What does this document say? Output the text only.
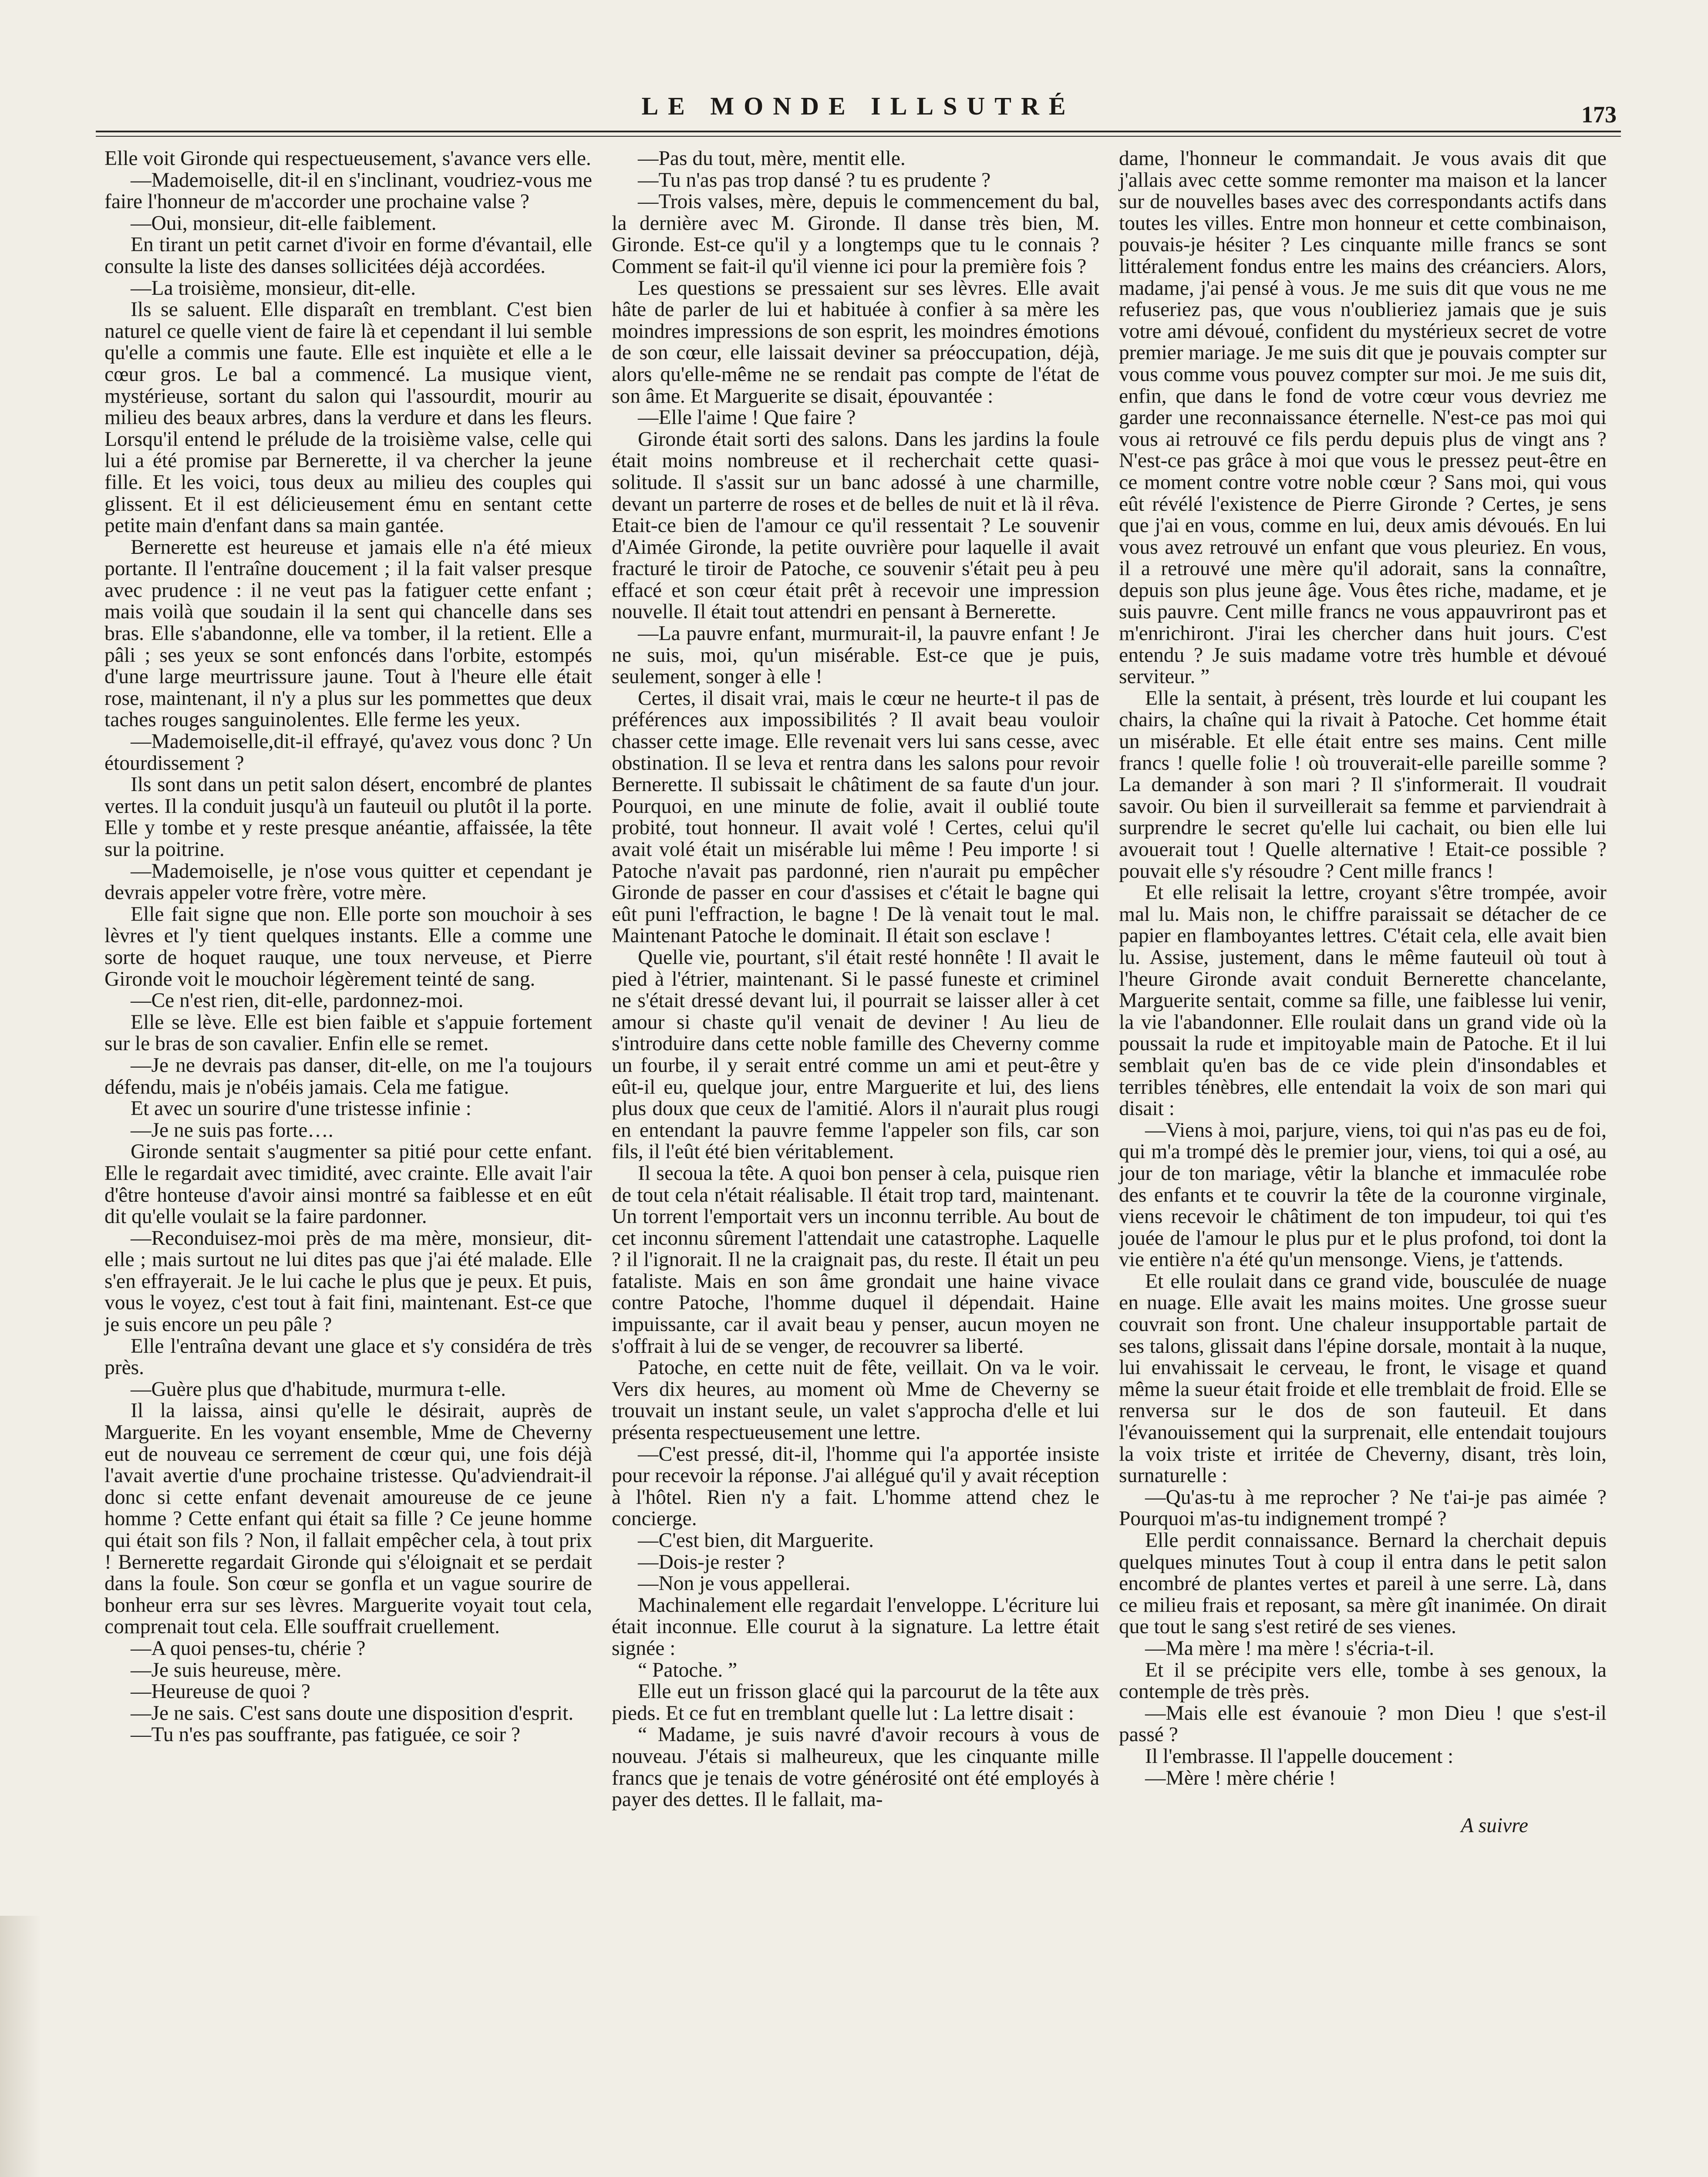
LE MONDE ILLSUTRÉ	173

Elle voit Gironde qui respectueusement, s'avance vers elle.

—Mademoiselle, dit-il en s'inclinant, voudriez-vous me faire l'honneur de m'accorder une prochaine valse ?

—Oui, monsieur, dit-elle faiblement.

En tirant un petit carnet d'ivoir en forme d'évantail, elle consulte la liste des danses sollicitées déjà accordées.

—La troisième, monsieur, dit-elle.

Ils se saluent. Elle disparaît en tremblant. C'est bien naturel ce quelle vient de faire là et cependant il lui semble qu'elle a commis une faute. Elle est inquiète et elle a le cœur gros. Le bal a commencé. La musique vient, mystérieuse, sortant du salon qui l'assourdit, mourir au milieu des beaux arbres, dans la verdure et dans les fleurs. Lorsqu'il entend le prélude de la troisième valse, celle qui lui a été promise par Bernerette, il va chercher la jeune fille. Et les voici, tous deux au milieu des couples qui glissent. Et il est délicieusement ému en sentant cette petite main d'enfant dans sa main gantée.

Bernerette est heureuse et jamais elle n'a été mieux portante. Il l'entraîne doucement ; il la fait valser presque avec prudence : il ne veut pas la fatiguer cette enfant ; mais voilà que soudain il la sent qui chancelle dans ses bras. Elle s'abandonne, elle va tomber, il la retient. Elle a pâli ; ses yeux se sont enfoncés dans l'orbite, estompés d'une large meurtrissure jaune. Tout à l'heure elle était rose, maintenant, il n'y a plus sur les pommettes que deux taches rouges sanguinolentes. Elle ferme les yeux.

—Mademoiselle,dit-il effrayé, qu'avez vous donc ? Un étourdissement ?

Ils sont dans un petit salon désert, encombré de plantes vertes. Il la conduit jusqu'à un fauteuil ou plutôt il la porte. Elle y tombe et y reste presque anéantie, affaissée, la tête sur la poitrine.

—Mademoiselle, je n'ose vous quitter et cependant je devrais appeler votre frère, votre mère.

Elle fait signe que non. Elle porte son mouchoir à ses lèvres et l'y tient quelques instants. Elle a comme une sorte de hoquet rauque, une toux nerveuse, et Pierre Gironde voit le mouchoir légèrement teinté de sang.

—Ce n'est rien, dit-elle, pardonnez-moi.

Elle se lève. Elle est bien faible et s'appuie fortement sur le bras de son cavalier. Enfin elle se remet.

—Je ne devrais pas danser, dit-elle, on me l'a toujours défendu, mais je n'obéis jamais. Cela me fatigue.

Et avec un sourire d'une tristesse infinie :

—Je ne suis pas forte….

Gironde sentait s'augmenter sa pitié pour cette enfant. Elle le regardait avec timidité, avec crainte. Elle avait l'air d'être honteuse d'avoir ainsi montré sa faiblesse et en eût dit qu'elle voulait se la faire pardonner.

—Reconduisez-moi près de ma mère, monsieur, dit-elle ; mais surtout ne lui dites pas que j'ai été malade. Elle s'en effrayerait. Je le lui cache le plus que je peux. Et puis, vous le voyez, c'est tout à fait fini, maintenant. Est-ce que je suis encore un peu pâle ?

Elle l'entraîna devant une glace et s'y considéra de très près.

—Guère plus que d'habitude, murmura t-elle.

Il la laissa, ainsi qu'elle le désirait, auprès de Marguerite. En les voyant ensemble, Mme de Cheverny eut de nouveau ce serrement de cœur qui, une fois déjà l'avait avertie d'une prochaine tristesse. Qu'adviendrait-il donc si cette enfant devenait amoureuse de ce jeune homme ? Cette enfant qui était sa fille ? Ce jeune homme qui était son fils ? Non, il fallait empêcher cela, à tout prix ! Bernerette regardait Gironde qui s'éloignait et se perdait dans la foule. Son cœur se gonfla et un vague sourire de bonheur erra sur ses lèvres. Marguerite voyait tout cela, comprenait tout cela. Elle souffrait cruellement.

—A quoi penses-tu, chérie ?

—Je suis heureuse, mère.

—Heureuse de quoi ?

—Je ne sais. C'est sans doute une disposition d'esprit.

—Tu n'es pas souffrante, pas fatiguée, ce soir ?

—Pas du tout, mère, mentit elle.

—Tu n'as pas trop dansé ? tu es prudente ?

—Trois valses, mère, depuis le commencement du bal, la dernière avec M. Gironde. Il danse très bien, M. Gironde. Est-ce qu'il y a longtemps que tu le connais ? Comment se fait-il qu'il vienne ici pour la première fois ?

Les questions se pressaient sur ses lèvres. Elle avait hâte de parler de lui et habituée à confier à sa mère les moindres impressions de son esprit, les moindres émotions de son cœur, elle laissait deviner sa préoccupation, déjà, alors qu'elle-même ne se rendait pas compte de l'état de son âme. Et Marguerite se disait, épouvantée :

—Elle l'aime ! Que faire ?

Gironde était sorti des salons. Dans les jardins la foule était moins nombreuse et il recherchait cette quasi-solitude. Il s'assit sur un banc adossé à une charmille, devant un parterre de roses et de belles de nuit et là il rêva. Etait-ce bien de l'amour ce qu'il ressentait ? Le souvenir d'Aimée Gironde, la petite ouvrière pour laquelle il avait fracturé le tiroir de Patoche, ce souvenir s'était peu à peu effacé et son cœur était prêt à recevoir une impression nouvelle. Il était tout attendri en pensant à Bernerette.

—La pauvre enfant, murmurait-il, la pauvre enfant ! Je ne suis, moi, qu'un misérable. Est-ce que je puis, seulement, songer à elle !

Certes, il disait vrai, mais le cœur ne heurte-t il pas de préférences aux impossibilités ? Il avait beau vouloir chasser cette image. Elle revenait vers lui sans cesse, avec obstination. Il se leva et rentra dans les salons pour revoir Bernerette. Il subissait le châtiment de sa faute d'un jour. Pourquoi, en une minute de folie, avait il oublié toute probité, tout honneur. Il avait volé ! Certes, celui qu'il avait volé était un misérable lui même ! Peu importe ! si Patoche n'avait pas pardonné, rien n'aurait pu empêcher Gironde de passer en cour d'assises et c'était le bagne qui eût puni l'effraction, le bagne ! De là venait tout le mal. Maintenant Patoche le dominait. Il était son esclave !

Quelle vie, pourtant, s'il était resté honnête ! Il avait le pied à l'étrier, maintenant. Si le passé funeste et criminel ne s'était dressé devant lui, il pourrait se laisser aller à cet amour si chaste qu'il venait de deviner ! Au lieu de s'introduire dans cette noble famille des Cheverny comme un fourbe, il y serait entré comme un ami et peut-être y eût-il eu, quelque jour, entre Marguerite et lui, des liens plus doux que ceux de l'amitié. Alors il n'aurait plus rougi en entendant la pauvre femme l'appeler son fils, car son fils, il l'eût été bien véritablement.

Il secoua la tête. A quoi bon penser à cela, puisque rien de tout cela n'était réalisable. Il était trop tard, maintenant. Un torrent l'emportait vers un inconnu terrible. Au bout de cet inconnu sûrement l'attendait une catastrophe. Laquelle ? il l'ignorait. Il ne la craignait pas, du reste. Il était un peu fataliste. Mais en son âme grondait une haine vivace contre Patoche, l'homme duquel il dépendait. Haine impuissante, car il avait beau y penser, aucun moyen ne s'offrait à lui de se venger, de recouvrer sa liberté.

Patoche, en cette nuit de fête, veillait. On va le voir. Vers dix heures, au moment où Mme de Cheverny se trouvait un instant seule, un valet s'approcha d'elle et lui présenta respectueusement une lettre.

—C'est pressé, dit-il, l'homme qui l'a apportée insiste pour recevoir la réponse. J'ai allégué qu'il y avait réception à l'hôtel. Rien n'y a fait. L'homme attend chez le concierge.

—C'est bien, dit Marguerite.

—Dois-je rester ?

—Non je vous appellerai.

Machinalement elle regardait l'enveloppe. L'écriture lui était inconnue. Elle courut à la signature. La lettre était signée :

“ Patoche. ”

Elle eut un frisson glacé qui la parcourut de la tête aux pieds. Et ce fut en tremblant quelle lut : La lettre disait :

“ Madame, je suis navré d'avoir recours à vous de nouveau. J'étais si malheureux, que les cinquante mille francs que je tenais de votre générosité ont été employés à payer des dettes. Il le fallait, ma-

dame, l'honneur le commandait. Je vous avais dit que j'allais avec cette somme remonter ma maison et la lancer sur de nouvelles bases avec des correspondants actifs dans toutes les villes. Entre mon honneur et cette combinaison, pouvais-je hésiter ? Les cinquante mille francs se sont littéralement fondus entre les mains des créanciers. Alors, madame, j'ai pensé à vous. Je me suis dit que vous ne me refuseriez pas, que vous n'oublieriez jamais que je suis votre ami dévoué, confident du mystérieux secret de votre premier mariage. Je me suis dit que je pouvais compter sur vous comme vous pouvez compter sur moi. Je me suis dit, enfin, que dans le fond de votre cœur vous devriez me garder une reconnaissance éternelle. N'est-ce pas moi qui vous ai retrouvé ce fils perdu depuis plus de vingt ans ? N'est-ce pas grâce à moi que vous le pressez peut-être en ce moment contre votre noble cœur ? Sans moi, qui vous eût révélé l'existence de Pierre Gironde ? Certes, je sens que j'ai en vous, comme en lui, deux amis dévoués. En lui vous avez retrouvé un enfant que vous pleuriez. En vous, il a retrouvé une mère qu'il adorait, sans la connaître, depuis son plus jeune âge. Vous êtes riche, madame, et je suis pauvre. Cent mille francs ne vous appauvriront pas et m'enrichiront. J'irai les chercher dans huit jours. C'est entendu ? Je suis madame votre très humble et dévoué serviteur. ”

Elle la sentait, à présent, très lourde et lui coupant les chairs, la chaîne qui la rivait à Patoche. Cet homme était un misérable. Et elle était entre ses mains. Cent mille francs ! quelle folie ! où trouverait-elle pareille somme ? La demander à son mari ? Il s'informerait. Il voudrait savoir. Ou bien il surveillerait sa femme et parviendrait à surprendre le secret qu'elle lui cachait, ou bien elle lui avouerait tout ! Quelle alternative ! Etait-ce possible ? pouvait elle s'y résoudre ? Cent mille francs !

Et elle relisait la lettre, croyant s'être trompée, avoir mal lu. Mais non, le chiffre paraissait se détacher de ce papier en flamboyantes lettres. C'était cela, elle avait bien lu. Assise, justement, dans le même fauteuil où tout à l'heure Gironde avait conduit Bernerette chancelante, Marguerite sentait, comme sa fille, une faiblesse lui venir, la vie l'abandonner. Elle roulait dans un grand vide où la poussait la rude et impitoyable main de Patoche. Et il lui semblait qu'en bas de ce vide plein d'insondables et terribles ténèbres, elle entendait la voix de son mari qui disait :

—Viens à moi, parjure, viens, toi qui n'as pas eu de foi, qui m'a trompé dès le premier jour, viens, toi qui a osé, au jour de ton mariage, vêtir la blanche et immaculée robe des enfants et te couvrir la tête de la couronne virginale, viens recevoir le châtiment de ton impudeur, toi qui t'es jouée de l'amour le plus pur et le plus profond, toi dont la vie entière n'a été qu'un mensonge. Viens, je t'attends.

Et elle roulait dans ce grand vide, bousculée de nuage en nuage. Elle avait les mains moites. Une grosse sueur couvrait son front. Une chaleur insupportable partait de ses talons, glissait dans l'épine dorsale, montait à la nuque, lui envahissait le cerveau, le front, le visage et quand même la sueur était froide et elle tremblait de froid. Elle se renversa sur le dos de son fauteuil. Et dans l'évanouissement qui la surprenait, elle entendait toujours la voix triste et irritée de Cheverny, disant, très loin, surnaturelle :

—Qu'as-tu à me reprocher ? Ne t'ai-je pas aimée ? Pourquoi m'as-tu indignement trompé ?

Elle perdit connaissance. Bernard la cherchait depuis quelques minutes Tout à coup il entra dans le petit salon encombré de plantes vertes et pareil à une serre. Là, dans ce milieu frais et reposant, sa mère gît inanimée. On dirait que tout le sang s'est retiré de ses vienes.

—Ma mère ! ma mère ! s'écria-t-il.

Et il se précipite vers elle, tombe à ses genoux, la contemple de très près.

—Mais elle est évanouie ? mon Dieu ! que s'est-il passé ?

Il l'embrasse. Il l'appelle doucement :

—Mère ! mère chérie !

A suivre
